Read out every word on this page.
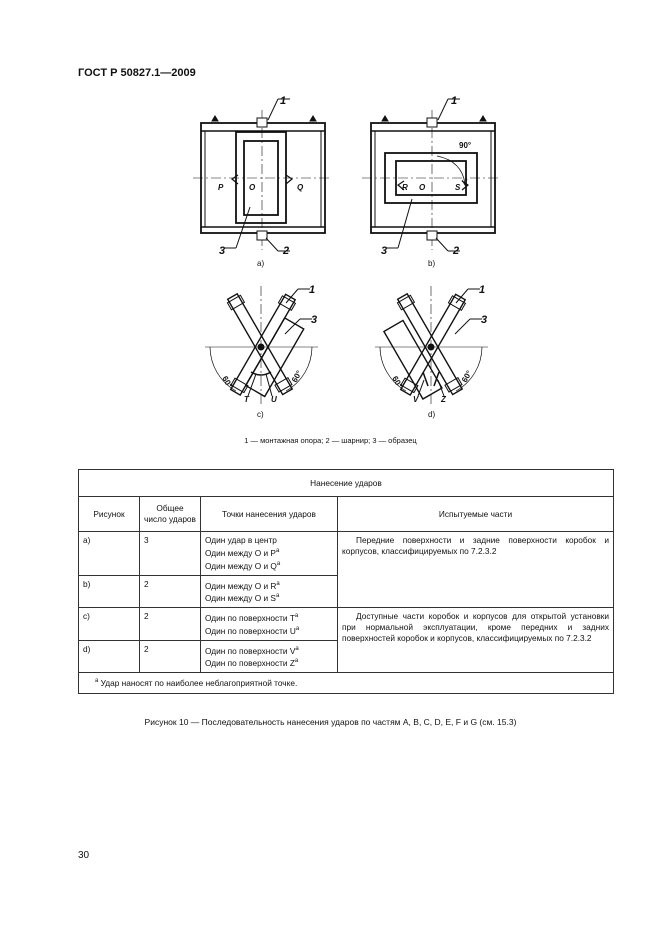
ГОСТ Р 50827.1—2009
1
2
3
1
2
3
1
3
1
3
P	O	Q	R O	S
T	U	V	Z
90°
60°	60°	60°	60°
a)	b)
c)	d)
1 — монтажная опора; 2 — шарнир; 3 — образец
Нанесение ударов			
Рисунок	Общее число ударов	Точки нанесения ударов	Испытуемые части
a)	3	Один удар в центр
Один между O и $P^a$
Один между O и $Q^a$	Передние поверхности и задние поверхности коробок и корпусов, классифицируемых по 7.2.3.2

b)	2	Один между O и $R^a$
Один между O и $S^a$

c)	2	Один по поверхности $T^a$
Один по поверхности $U^a$	Доступные части коробок и корпусов для открытой установки при нормальной эксплуатации, кроме передних и задних поверхностей коробок и корпусов, классифицируемых по 7.2.3.2

d)	2	Один по поверхности $V^a$
Один по поверхности $Z^a$

$^a$ Удар наносят по наиболее неблагоприятной точке.			
Рисунок 10 — Последовательность нанесения ударов по частям А, В, С, D, E, F и G (см. 15.3)
30
